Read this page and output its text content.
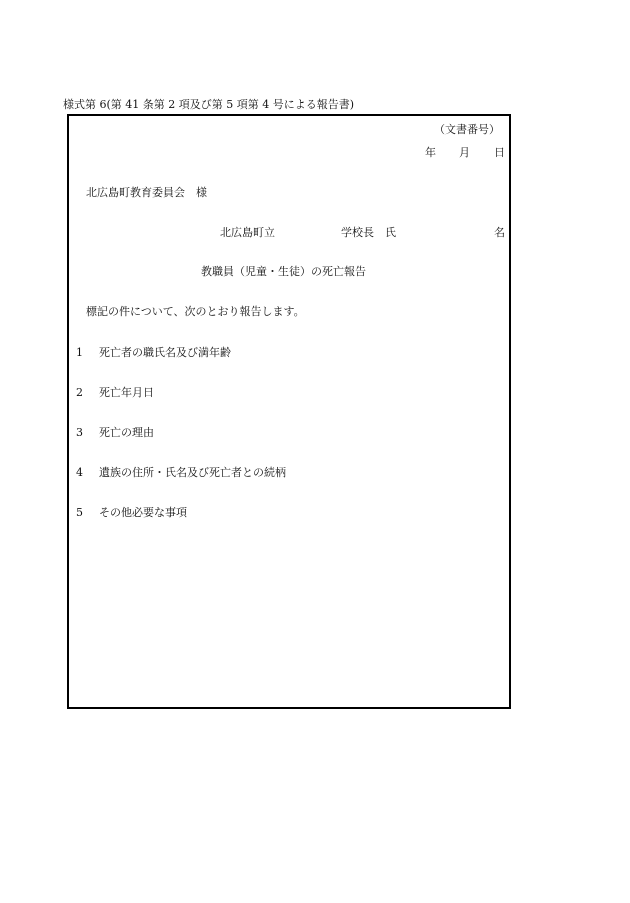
様式第 6(第 41 条第 2 項及び第 5 項第 4 号による報告書)
（文書番号）
年 月 日
北広島町教育委員会　様
北広島町立	学校長　氏	名
教職員（児童・生徒）の死亡報告
標記の件について、次のとおり報告します。
1 死亡者の職氏名及び満年齢
2 死亡年月日
3 死亡の理由
4 遺族の住所・氏名及び死亡者との続柄
5 その他必要な事項
